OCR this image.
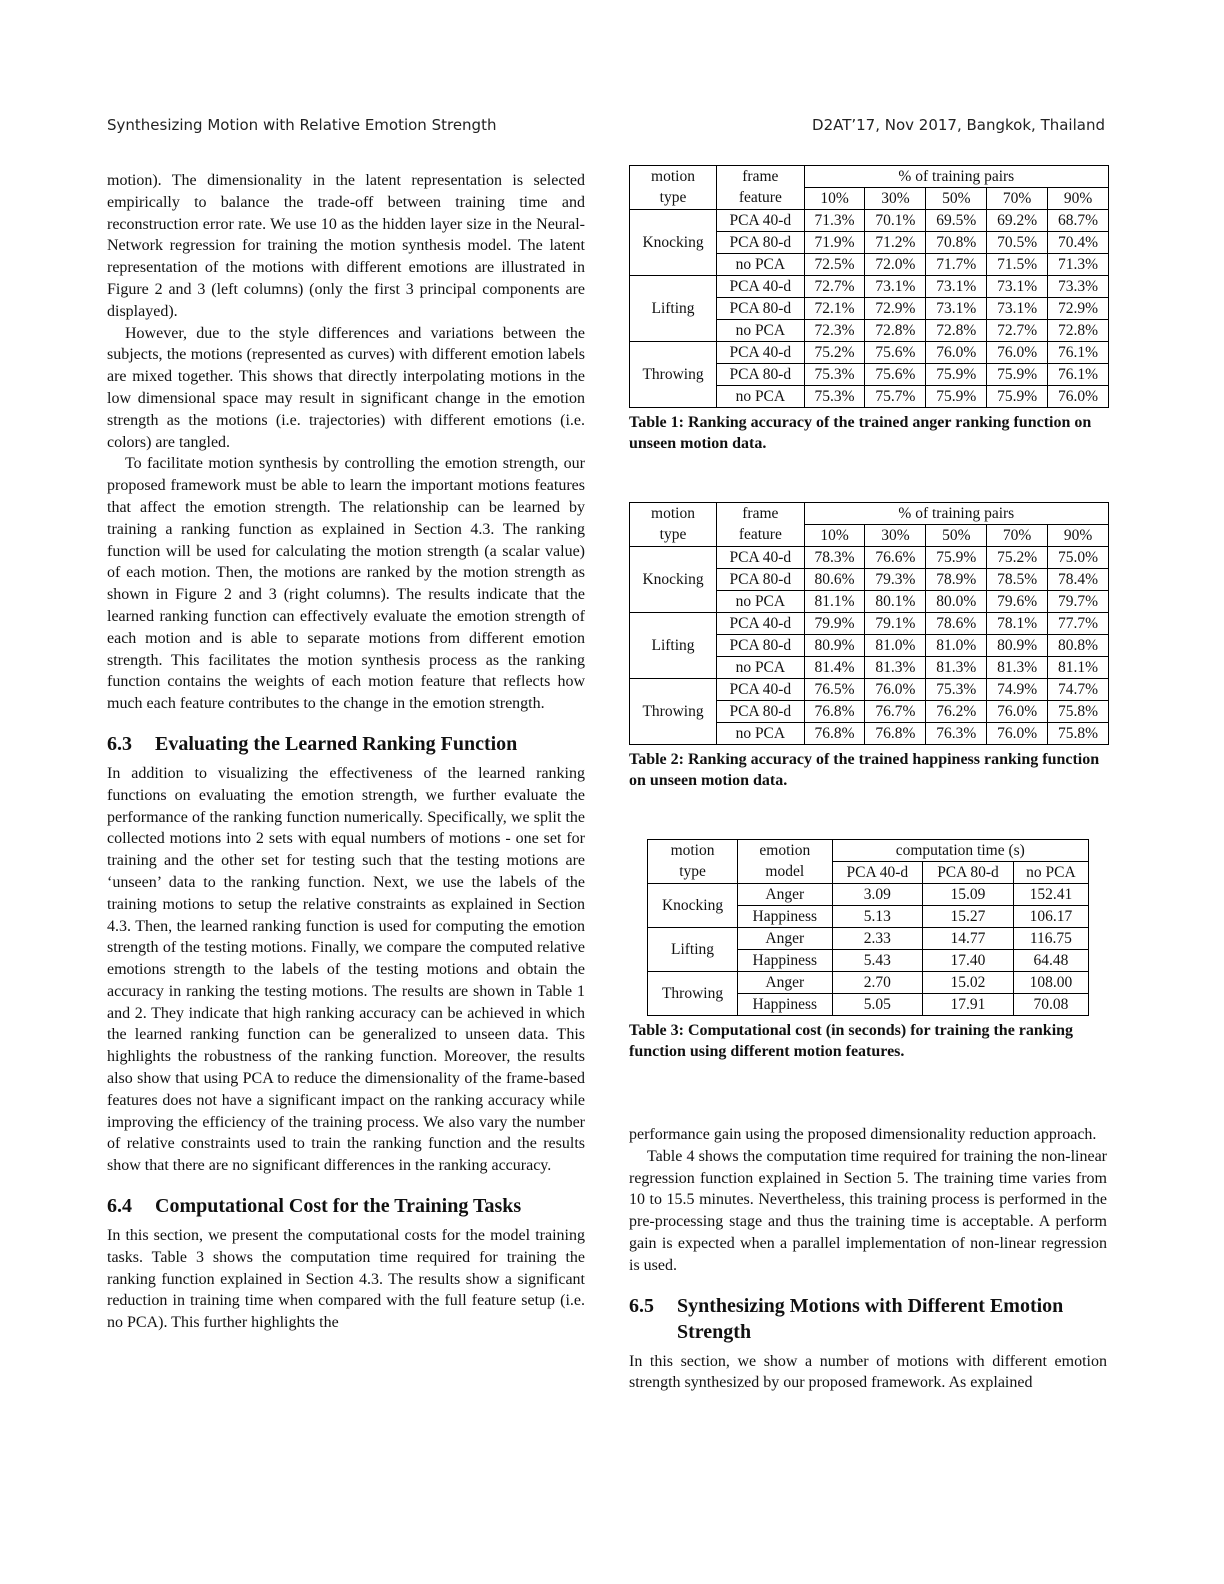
Synthesizing Motion with Relative Emotion Strength	D2AT’17, Nov 2017, Bangkok, Thailand

motion). The dimensionality in the latent representation is selected empirically to balance the trade-off between training time and reconstruction error rate. We use 10 as the hidden layer size in the Neural-Network regression for training the motion synthesis model. The latent representation of the motions with different emotions are illustrated in Figure 2 and 3 (left columns) (only the first 3 principal components are displayed).

However, due to the style differences and variations between the subjects, the motions (represented as curves) with different emotion labels are mixed together. This shows that directly interpolating motions in the low dimensional space may result in significant change in the emotion strength as the motions (i.e. trajectories) with different emotions (i.e. colors) are tangled.

To facilitate motion synthesis by controlling the emotion strength, our proposed framework must be able to learn the important motions features that affect the emotion strength. The relationship can be learned by training a ranking function as explained in Section 4.3. The ranking function will be used for calculating the motion strength (a scalar value) of each motion. Then, the motions are ranked by the motion strength as shown in Figure 2 and 3 (right columns). The results indicate that the learned ranking function can effectively evaluate the emotion strength of each motion and is able to separate motions from different emotion strength. This facilitates the motion synthesis process as the ranking function contains the weights of each motion feature that reflects how much each feature contributes to the change in the emotion strength.

6.3	Evaluating the Learned Ranking Function

In addition to visualizing the effectiveness of the learned ranking functions on evaluating the emotion strength, we further evaluate the performance of the ranking function numerically. Specifically, we split the collected motions into 2 sets with equal numbers of motions - one set for training and the other set for testing such that the testing motions are ‘unseen’ data to the ranking function. Next, we use the labels of the training motions to setup the relative constraints as explained in Section 4.3. Then, the learned ranking function is used for computing the emotion strength of the testing motions. Finally, we compare the computed relative emotions strength to the labels of the testing motions and obtain the accuracy in ranking the testing motions. The results are shown in Table 1 and 2. They indicate that high ranking accuracy can be achieved in which the learned ranking function can be generalized to unseen data. This highlights the robustness of the ranking function. Moreover, the results also show that using PCA to reduce the dimensionality of the frame-based features does not have a significant impact on the ranking accuracy while improving the efficiency of the training process. We also vary the number of relative constraints used to train the ranking function and the results show that there are no significant differences in the ranking accuracy.

6.4	Computational Cost for the Training Tasks

In this section, we present the computational costs for the model training tasks. Table 3 shows the computation time required for training the ranking function explained in Section 4.3. The results show a significant reduction in training time when compared with the full feature setup (i.e. no PCA). This further highlights the

motion	frame	% of training pairs				
type	feature	10%	30%	50%	70%	90%
Knocking	PCA 40-d	71.3%	70.1%	69.5%	69.2%	68.7%
	PCA 80-d	71.9%	71.2%	70.8%	70.5%	70.4%
	no PCA	72.5%	72.0%	71.7%	71.5%	71.3%
Lifting	PCA 40-d	72.7%	73.1%	73.1%	73.1%	73.3%
	PCA 80-d	72.1%	72.9%	73.1%	73.1%	72.9%
	no PCA	72.3%	72.8%	72.8%	72.7%	72.8%
Throwing	PCA 40-d	75.2%	75.6%	76.0%	76.0%	76.1%
	PCA 80-d	75.3%	75.6%	75.9%	75.9%	76.1%
	no PCA	75.3%	75.7%	75.9%	75.9%	76.0%
Table 1: Ranking accuracy of the trained anger ranking function on unseen motion data.
motion	frame	% of training pairs				
type	feature	10%	30%	50%	70%	90%
Knocking	PCA 40-d	78.3%	76.6%	75.9%	75.2%	75.0%
	PCA 80-d	80.6%	79.3%	78.9%	78.5%	78.4%
	no PCA	81.1%	80.1%	80.0%	79.6%	79.7%
Lifting	PCA 40-d	79.9%	79.1%	78.6%	78.1%	77.7%
	PCA 80-d	80.9%	81.0%	81.0%	80.9%	80.8%
	no PCA	81.4%	81.3%	81.3%	81.3%	81.1%
Throwing	PCA 40-d	76.5%	76.0%	75.3%	74.9%	74.7%
	PCA 80-d	76.8%	76.7%	76.2%	76.0%	75.8%
	no PCA	76.8%	76.8%	76.3%	76.0%	75.8%
Table 2: Ranking accuracy of the trained happiness ranking function on unseen motion data.
motion	emotion	computation time (s)		
type	model	PCA 40-d	PCA 80-d	no PCA
Knocking	Anger	3.09	15.09	152.41
	Happiness	5.13	15.27	106.17
Lifting	Anger	2.33	14.77	116.75
	Happiness	5.43	17.40	64.48
Throwing	Anger	2.70	15.02	108.00
	Happiness	5.05	17.91	70.08
Table 3: Computational cost (in seconds) for training the ranking function using different motion features.

performance gain using the proposed dimensionality reduction approach.

Table 4 shows the computation time required for training the non-linear regression function explained in Section 5. The training time varies from 10 to 15.5 minutes. Nevertheless, this training process is performed in the pre-processing stage and thus the training time is acceptable. A perform gain is expected when a parallel implementation of non-linear regression is used.

6.5	Synthesizing Motions with Different Emotion Strength

In this section, we show a number of motions with different emotion strength synthesized by our proposed framework. As explained
